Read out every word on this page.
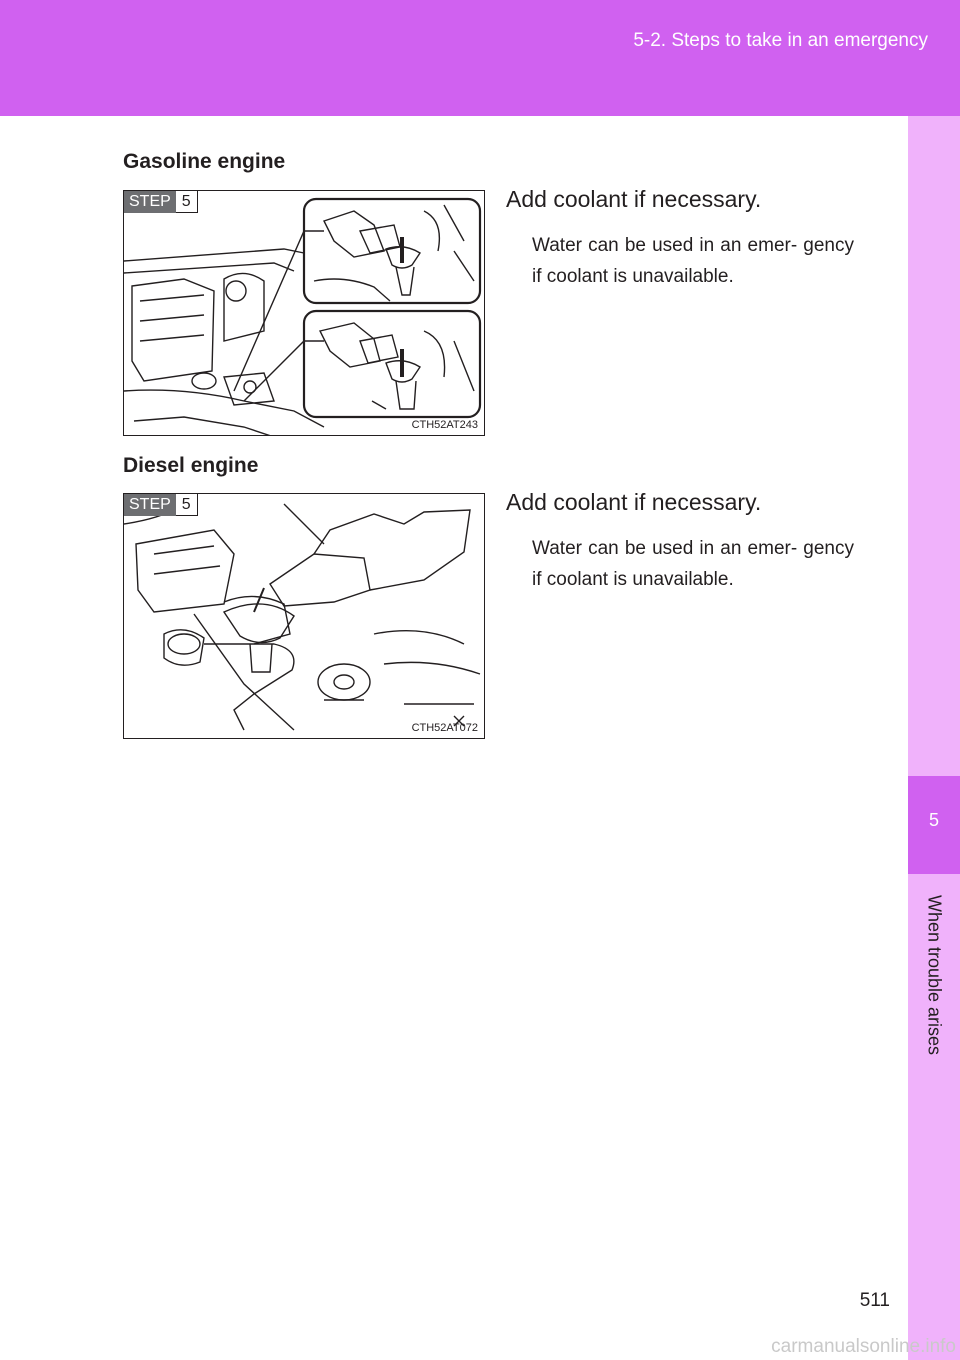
5-2. Steps to take in an emergency
5
When trouble arises
Gasoline engine
STEP 5
CTH52AT243
Add coolant if necessary.

Water can be used in an emer- gency if coolant is unavailable.

Diesel engine
STEP 5
CTH52AT072
Add coolant if necessary.

Water can be used in an emer- gency if coolant is unavailable.

511
carmanualsonline.info
